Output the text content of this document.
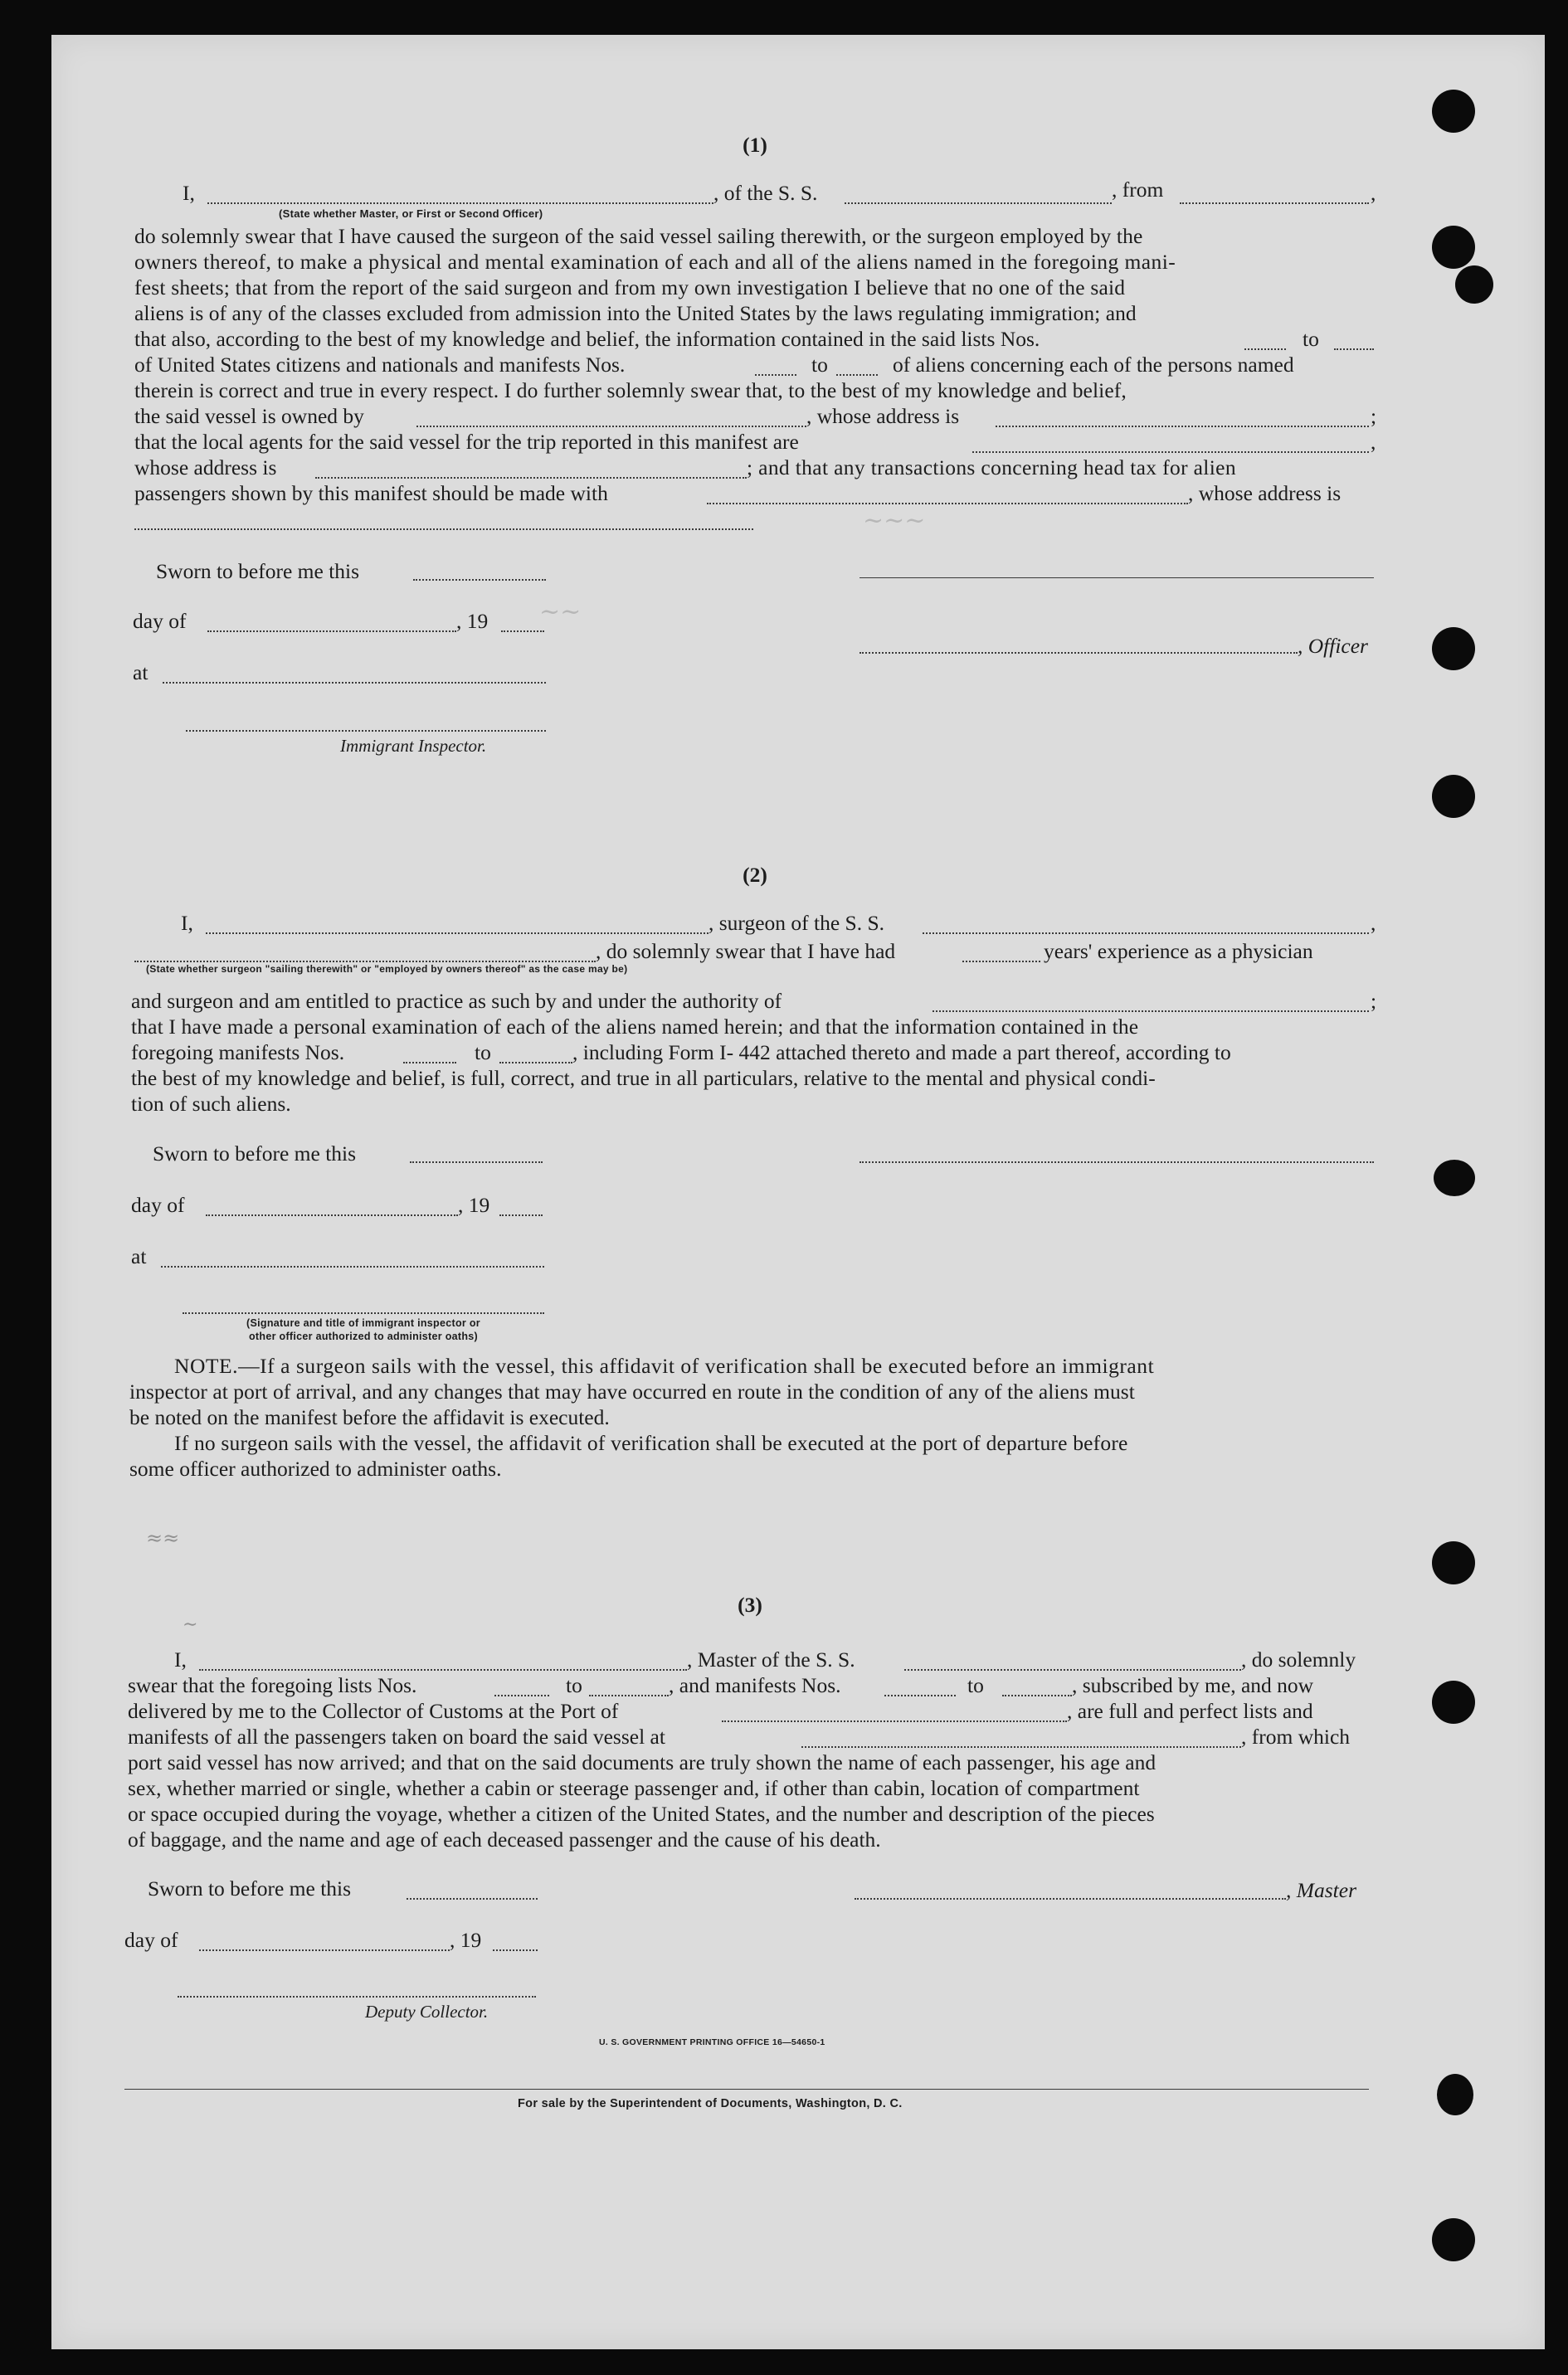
~~~
~~
(1)
I,	, of the S. S.	, from	,
(State whether Master, or First or Second Officer)
do solemnly swear that I have caused the surgeon of the said vessel sailing therewith, or the surgeon employed by the
owners thereof, to make a physical and mental examination of each and all of the aliens named in the foregoing mani-
fest sheets; that from the report of the said surgeon and from my own investigation I believe that no one of the said
aliens is of any of the classes excluded from admission into the United States by the laws regulating immigration; and
that also, according to the best of my knowledge and belief, the information contained in the said lists Nos.	to
of United States citizens and nationals and manifests Nos.	to	of aliens concerning each of the persons named
therein is correct and true in every respect. I do further solemnly swear that, to the best of my knowledge and belief,
the said vessel is owned by	, whose address is	;
that the local agents for the said vessel for the trip reported in this manifest are	,
whose address is	; and that any transactions concerning head tax for alien
passengers shown by this manifest should be made with	, whose address is
Sworn to before me this
day of	, 19
, Officer
at
Immigrant Inspector.
(2)
I,	, surgeon of the S. S.	,
, do solemnly swear that I have had	years' experience as a physician
(State whether surgeon "sailing therewith" or "employed by owners thereof" as the case may be)
and surgeon and am entitled to practice as such by and under the authority of	;
that I have made a personal examination of each of the aliens named herein; and that the information contained in the
foregoing manifests Nos.	to	, including Form I- 442 attached thereto and made a part thereof, according to
the best of my knowledge and belief, is full, correct, and true in all particulars, relative to the mental and physical condi-
tion of such aliens.
Sworn to before me this
day of	, 19
at
(Signature and title of immigrant inspector or
other officer authorized to administer oaths)
NOTE.—If a surgeon sails with the vessel, this affidavit of verification shall be executed before an immigrant
inspector at port of arrival, and any changes that may have occurred en route in the condition of any of the aliens must
be noted on the manifest before the affidavit is executed.
If no surgeon sails with the vessel, the affidavit of verification shall be executed at the port of departure before
some officer authorized to administer oaths.
≈≈
∼
(3)
I,	, Master of the S. S.	, do solemnly
swear that the foregoing lists Nos.	to	, and manifests Nos.	to	, subscribed by me, and now
delivered by me to the Collector of Customs at the Port of	, are full and perfect lists and
manifests of all the passengers taken on board the said vessel at	, from which
port said vessel has now arrived; and that on the said documents are truly shown the name of each passenger, his age and
sex, whether married or single, whether a cabin or steerage passenger and, if other than cabin, location of compartment
or space occupied during the voyage, whether a citizen of the United States, and the number and description of the pieces
of baggage, and the name and age of each deceased passenger and the cause of his death.
Sworn to before me this	, Master
day of	, 19
Deputy Collector.
U. S. GOVERNMENT PRINTING OFFICE 16—54650-1
For sale by the Superintendent of Documents, Washington, D. C.
